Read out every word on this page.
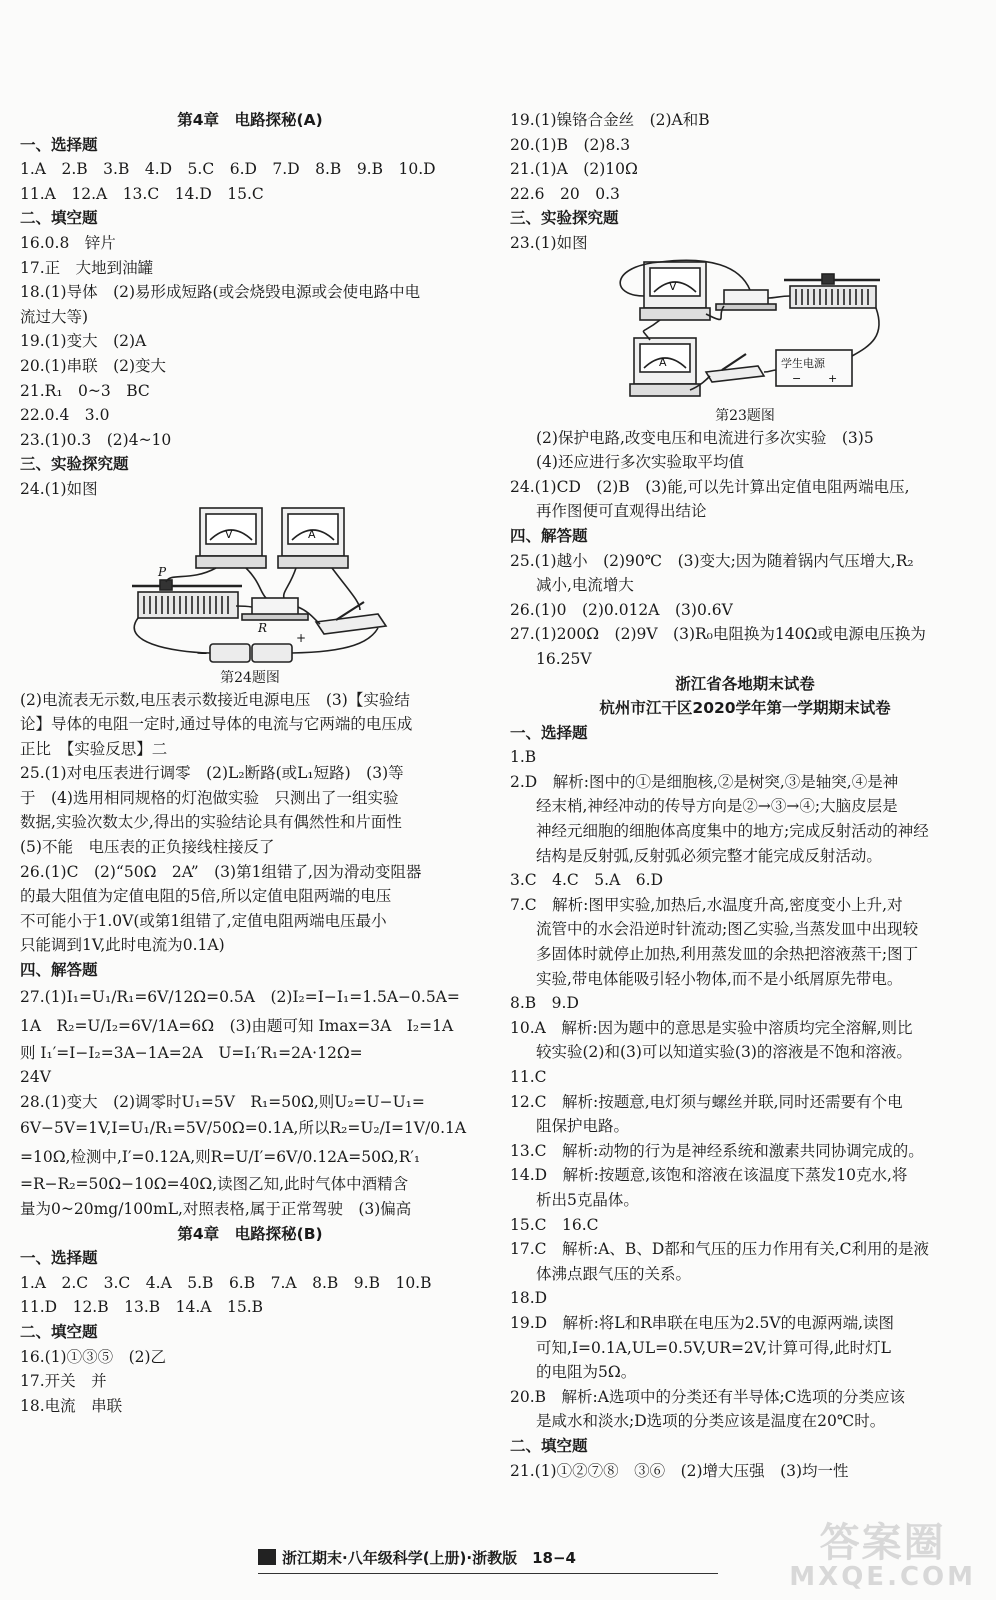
第4章　电路探秘(A)
一、选择题
1.A　2.B　3.B　4.D　5.C　6.D　7.D　8.B　9.B　10.D
11.A　12.A　13.C　14.D　15.C
二、填空题
16.0.8　锌片
17.正　大地到油罐
18.(1)导体　(2)易形成短路(或会烧毁电源或会使电路中电
流过大等)
19.(1)变大　(2)A
20.(1)串联　(2)变大
21.R₁　0~3　BC
22.0.4　3.0
23.(1)0.3　(2)4~10
三、实验探究题
24.(1)如图
P
R
V	A
－
+
第24题图
(2)电流表无示数,电压表示数接近电源电压　(3)【实验结
论】导体的电阻一定时,通过导体的电流与它两端的电压成
正比　【实验反思】二
25.(1)对电压表进行调零　(2)L₂断路(或L₁短路)　(3)等
于　(4)选用相同规格的灯泡做实验　只测出了一组实验
数据,实验次数太少,得出的实验结论具有偶然性和片面性
(5)不能　电压表的正负接线柱接反了
26.(1)C　(2)“50Ω　2A”　(3)第1组错了,因为滑动变阻器
的最大阻值为定值电阻的5倍,所以定值电阻两端的电压
不可能小于1.0V(或第1组错了,定值电阻两端电压最小
只能调到1V,此时电流为0.1A)
四、解答题
27.(1)I₁=U₁/R₁=6V/12Ω=0.5A　(2)I₂=I−I₁=1.5A−0.5A=
1A　R₂=U/I₂=6V/1A=6Ω　(3)由题可知 Imax=3A　I₂=1A
则 I₁′=I−I₂=3A−1A=2A　U=I₁′R₁=2A·12Ω=
24V
28.(1)变大　(2)调零时U₁=5V　R₁=50Ω,则U₂=U−U₁=
6V−5V=1V,I=U₁/R₁=5V/50Ω=0.1A,所以R₂=U₂/I=1V/0.1A
=10Ω,检测中,I′=0.12A,则R=U/I′=6V/0.12A=50Ω,R′₁
=R−R₂=50Ω−10Ω=40Ω,读图乙知,此时气体中酒精含
量为0~20mg/100mL,对照表格,属于正常驾驶　(3)偏高
第4章　电路探秘(B)
一、选择题
1.A　2.C　3.C　4.A　5.B　6.B　7.A　8.B　9.B　10.B
11.D　12.B　13.B　14.A　15.B
二、填空题
16.(1)①③⑤　(2)乙
17.开关　并
18.电流　串联
19.(1)镍铬合金丝　(2)A和B
20.(1)B　(2)8.3
21.(1)A　(2)10Ω
22.6　20　0.3
三、实验探究题
23.(1)如图
V
A	学生电源
− +
第23题图
(2)保护电路,改变电压和电流进行多次实验　(3)5
(4)还应进行多次实验取平均值
24.(1)CD　(2)B　(3)能,可以先计算出定值电阻两端电压,
再作图便可直观得出结论
四、解答题
25.(1)越小　(2)90℃　(3)变大;因为随着锅内气压增大,R₂
减小,电流增大
26.(1)0　(2)0.012A　(3)0.6V
27.(1)200Ω　(2)9V　(3)R₀电阻换为140Ω或电源电压换为
16.25V
浙江省各地期末试卷
杭州市江干区2020学年第一学期期末试卷
一、选择题
1.B
2.D　解析:图中的①是细胞核,②是树突,③是轴突,④是神
经末梢,神经冲动的传导方向是②→③→④;大脑皮层是
神经元细胞的细胞体高度集中的地方;完成反射活动的神经
结构是反射弧,反射弧必须完整才能完成反射活动。
3.C　4.C　5.A　6.D
7.C　解析:图甲实验,加热后,水温度升高,密度变小上升,对
流管中的水会沿逆时针流动;图乙实验,当蒸发皿中出现较
多固体时就停止加热,利用蒸发皿的余热把溶液蒸干;图丁
实验,带电体能吸引轻小物体,而不是小纸屑原先带电。
8.B　9.D
10.A　解析:因为题中的意思是实验中溶质均完全溶解,则比
较实验(2)和(3)可以知道实验(3)的溶液是不饱和溶液。
11.C
12.C　解析:按题意,电灯须与螺丝并联,同时还需要有个电
阻保护电路。
13.C　解析:动物的行为是神经系统和激素共同协调完成的。
14.D　解析:按题意,该饱和溶液在该温度下蒸发10克水,将
析出5克晶体。
15.C　16.C
17.C　解析:A、B、D都和气压的压力作用有关,C利用的是液
体沸点跟气压的关系。
18.D
19.D　解析:将L和R串联在电压为2.5V的电源两端,读图
可知,I=0.1A,UL=0.5V,UR=2V,计算可得,此时灯L
的电阻为5Ω。
20.B　解析:A选项中的分类还有半导体;C选项的分类应该
是咸水和淡水;D选项的分类应该是温度在20℃时。
二、填空题
21.(1)①②⑦⑧　③⑥　(2)增大压强　(3)均一性
浙江期末·八年级科学(上册)·浙教版　18−4	答案圈
MXQE.COM
